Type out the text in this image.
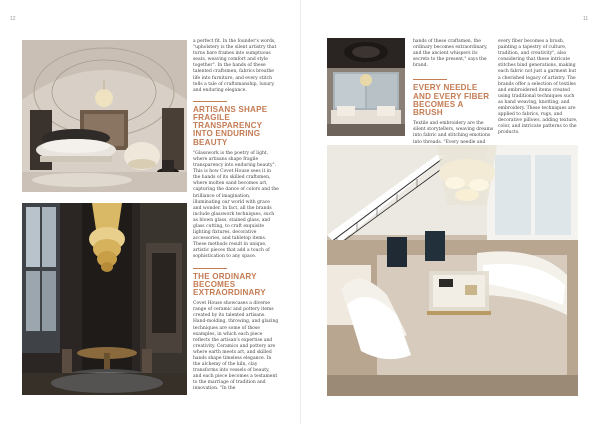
12	11

a perfect fit. In the founder's words, "upholstery is the silent artistry that turns bare frames into sumptuous seats, weaving comfort and style together". In the hands of these talented craftsmen, fabrics breathe life into furniture, and every stitch tells a tale of craftsmanship, luxury, and enduring elegance.

ARTISANS SHAPE FRAGILE TRANSPARENCY INTO ENDURING BEAUTY

"Glasswork is the poetry of light, where artisans shape fragile transparency into enduring beauty". This is how Covet House sees it in the hands of its skilled craftsmen, where molten sand becomes art, capturing the dance of colors and the brilliance of imagination, illuminating our world with grace and wonder. In fact, all the brands include glasswork techniques, such as blown glass, stained glass, and glass cutting, to craft exquisite lighting fixtures, decorative accessories, and tabletop items. These methods result in unique, artistic pieces that add a touch of sophistication to any space.

THE ORDINARY BECOMES EXTRAORDINARY

Covet House showcases a diverse range of ceramic and pottery items created by its talented artisans. Hand-molding, throwing, and glazing techniques are some of those examples, in which each piece reflects the artisan's expertise and creativity. Ceramics and pottery are where earth meets art, and skilled hands shape timeless elegance. In the alchemy of the kiln, clay transforms into vessels of beauty, and each piece becomes a testament to the marriage of tradition and innovation. "In the

hands of these craftsmen, the ordinary becomes extraordinary, and the ancient whispers its secrets to the present," says the brand.

EVERY NEEDLE AND EVERY FIBER BECOMES A BRUSH

Textile and embroidery are the silent storytellers, weaving dreams into fabric and stitching emotions into threads. "Every needle and

every fiber becomes a brush, painting a tapestry of culture, tradition, and creativity", also considering that these intricate stitches bind generations, making each fabric not just a garment but a cherished legacy of artistry. The brands offer a selection of textiles and embroidered items created using traditional techniques such as hand weaving, knotting, and embroidery. These techniques are applied to fabrics, rugs, and decorative pillows, adding texture, color, and intricate patterns to the products.
